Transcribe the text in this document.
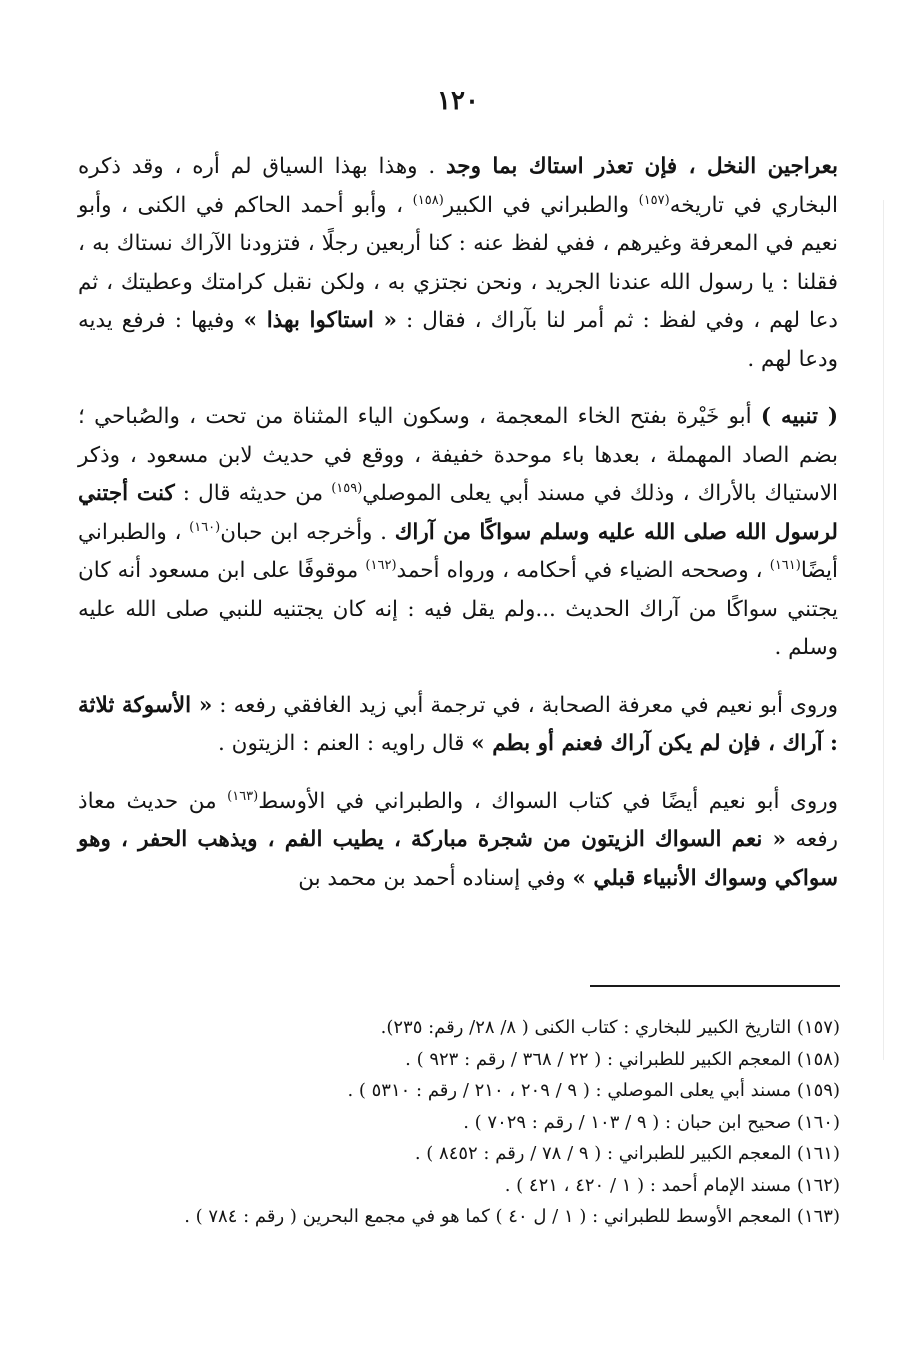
١٢٠

بعراجين النخل ، فإن تعذر استاك بما وجد . وهذا بهذا السياق لم أره ، وقد ذكره البخاري في تاريخه$^{(١٥٧)}$ والطبراني في الكبير$^{(١٥٨)}$ ، وأبو أحمد الحاكم في الكنى ، وأبو نعيم في المعرفة وغيرهم ، ففي لفظ عنه : كنا أربعين رجلًا ، فتزودنا الآراك نستاك به ، فقلنا : يا رسول الله عندنا الجريد ، ونحن نجتزي به ، ولكن نقبل كرامتك وعطيتك ، ثم دعا لهم ، وفي لفظ : ثم أمر لنا بآراك ، فقال : « استاكوا بهذا » وفيها : فرفع يديه ودعا لهم .

( تنبيه ) أبو خَيْرة بفتح الخاء المعجمة ، وسكون الياء المثناة من تحت ، والصُباحي ؛ بضم الصاد المهملة ، بعدها باء موحدة خفيفة ، ووقع في حديث لابن مسعود ، وذكر الاستياك بالأراك ، وذلك في مسند أبي يعلى الموصلي$^{(١٥٩)}$ من حديثه قال : كنت أجتني لرسول الله صلى الله عليه وسلم سواكًا من آراك . وأخرجه ابن حبان$^{(١٦٠)}$ ، والطبراني أيضًا$^{(١٦١)}$ ، وصححه الضياء في أحكامه ، ورواه أحمد$^{(١٦٢)}$ موقوفًا على ابن مسعود أنه كان يجتني سواكًا من آراك الحديث ...ولم يقل فيه : إنه كان يجتنيه للنبي صلى الله عليه وسلم .

وروى أبو نعيم في معرفة الصحابة ، في ترجمة أبي زيد الغافقي رفعه : « الأسوكة ثلاثة : آراك ، فإن لم يكن آراك فعنم أو بطم » قال راويه : العنم : الزيتون .

وروى أبو نعيم أيضًا في كتاب السواك ، والطبراني في الأوسط$^{(١٦٣)}$ من حديث معاذ رفعه « نعم السواك الزيتون من شجرة مباركة ، يطيب الفم ، ويذهب الحفر ، وهو سواكي وسواك الأنبياء قبلي » وفي إسناده أحمد بن محمد بن

(١٥٧) التاريخ الكبير للبخاري : كتاب الكنى ( ٨/ ٢٨/ رقم: ٢٣٥).

(١٥٨) المعجم الكبير للطبراني : ( ٢٢ / ٣٦٨ / رقم : ٩٢٣ ) .

(١٥٩) مسند أبي يعلى الموصلي : ( ٩ / ٢٠٩ ، ٢١٠ / رقم : ٥٣١٠ ) .

(١٦٠) صحيح ابن حبان : ( ٩ / ١٠٣ / رقم : ٧٠٢٩ ) .

(١٦١) المعجم الكبير للطبراني : ( ٩ / ٧٨ / رقم : ٨٤٥٢ ) .

(١٦٢) مسند الإمام أحمد : ( ١ / ٤٢٠ ، ٤٢١ ) .

(١٦٣) المعجم الأوسط للطبراني : ( ١ / ل ٤٠ ) كما هو في مجمع البحرين ( رقم : ٧٨٤ ) .
